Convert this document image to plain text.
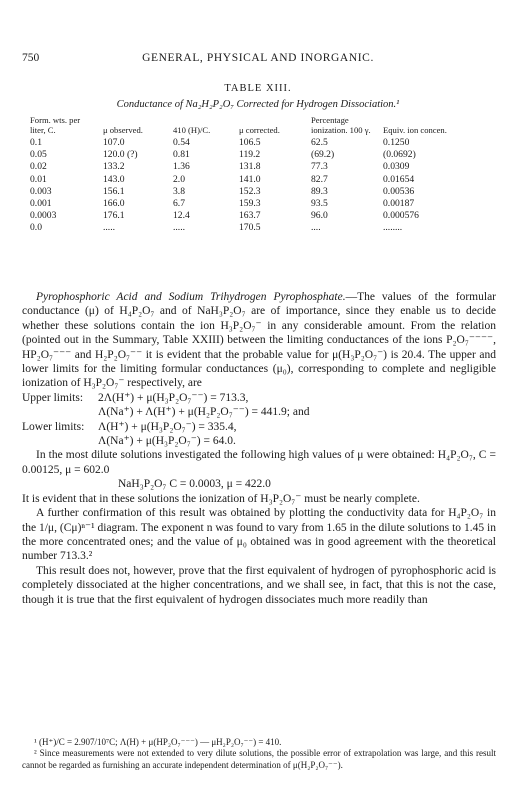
750	GENERAL, PHYSICAL AND INORGANIC.
TABLE XIII.
Conductance of Na₂H₂P₂O₇ Corrected for Hydrogen Dissociation.¹
Form. wts. per liter, C.	μ observed.	410 (H)/C.	μ corrected.	Percentage ionization. 100 γ.	Equiv. ion concen.
0.1	107.0	0.54	106.5	62.5	0.1250
0.05	120.0 (?)	0.81	119.2	(69.2)	(0.0692)
0.02	133.2	1.36	131.8	77.3	0.0309
0.01	143.0	2.0	141.0	82.7	0.01654
0.003	156.1	3.8	152.3	89.3	0.00536
0.001	166.0	6.7	159.3	93.5	0.00187
0.0003	176.1	12.4	163.7	96.0	0.000576
0.0	.....	.....	170.5	....	........

Pyrophosphoric Acid and Sodium Trihydrogen Pyrophosphate.—The values of the formular conductance (μ) of H₄P₂O₇ and of NaH₃P₂O₇ are of importance, since they enable us to decide whether these solutions contain the ion H₃P₂O₇⁻ in any considerable amount. From the relation (pointed out in the Summary, Table XXIII) between the limiting conductances of the ions P₂O₇⁻⁻⁻⁻, HP₂O₇⁻⁻⁻ and H₂P₂O₇⁻⁻ it is evident that the probable value for μ(H₃P₂O₇⁻) is 20.4. The upper and lower limits for the limiting formular conductances (μ₀), corresponding to complete and negligible ionization of H₃P₂O₇⁻ respectively, are

Upper limits: 2Λ(H⁺) + μ(H₃P₂O₇⁻⁻) = 713.3,
Λ(Na⁺) + Λ(H⁺) + μ(H₂P₂O₇⁻⁻) = 441.9; and
Lower limits: Λ(H⁺) + μ(H₃P₂O₇⁻) = 335.4,
Λ(Na⁺) + μ(H₃P₂O₇⁻) = 64.0.

In the most dilute solutions investigated the following high values of μ were obtained: H₄P₂O₇, C = 0.00125, μ = 602.0

NaH₃P₂O₇ C = 0.0003, μ = 422.0

It is evident that in these solutions the ionization of H₃P₂O₇⁻ must be nearly complete.

A further confirmation of this result was obtained by plotting the conductivity data for H₄P₂O₇ in the 1/μ, (Cμ)ⁿ⁻¹ diagram. The exponent n was found to vary from 1.65 in the dilute solutions to 1.45 in the more concentrated ones; and the value of μ₀ obtained was in good agreement with the theoretical number 713.3.²

This result does not, however, prove that the first equivalent of hydrogen of pyrophosphoric acid is completely dissociated at the higher concentrations, and we shall see, in fact, that this is not the case, though it is true that the first equivalent of hydrogen dissociates much more readily than

¹ (H⁺)/C = 2.907/10⁷C; Λ(H) + μ(HP₂O₇⁻⁻⁻) — μH₂P₂O₇⁻⁻) = 410.

² Since measurements were not extended to very dilute solutions, the possible error of extrapolation was large, and this result cannot be regarded as furnishing an accurate independent determination of μ(H₂P₂O₇⁻⁻).
